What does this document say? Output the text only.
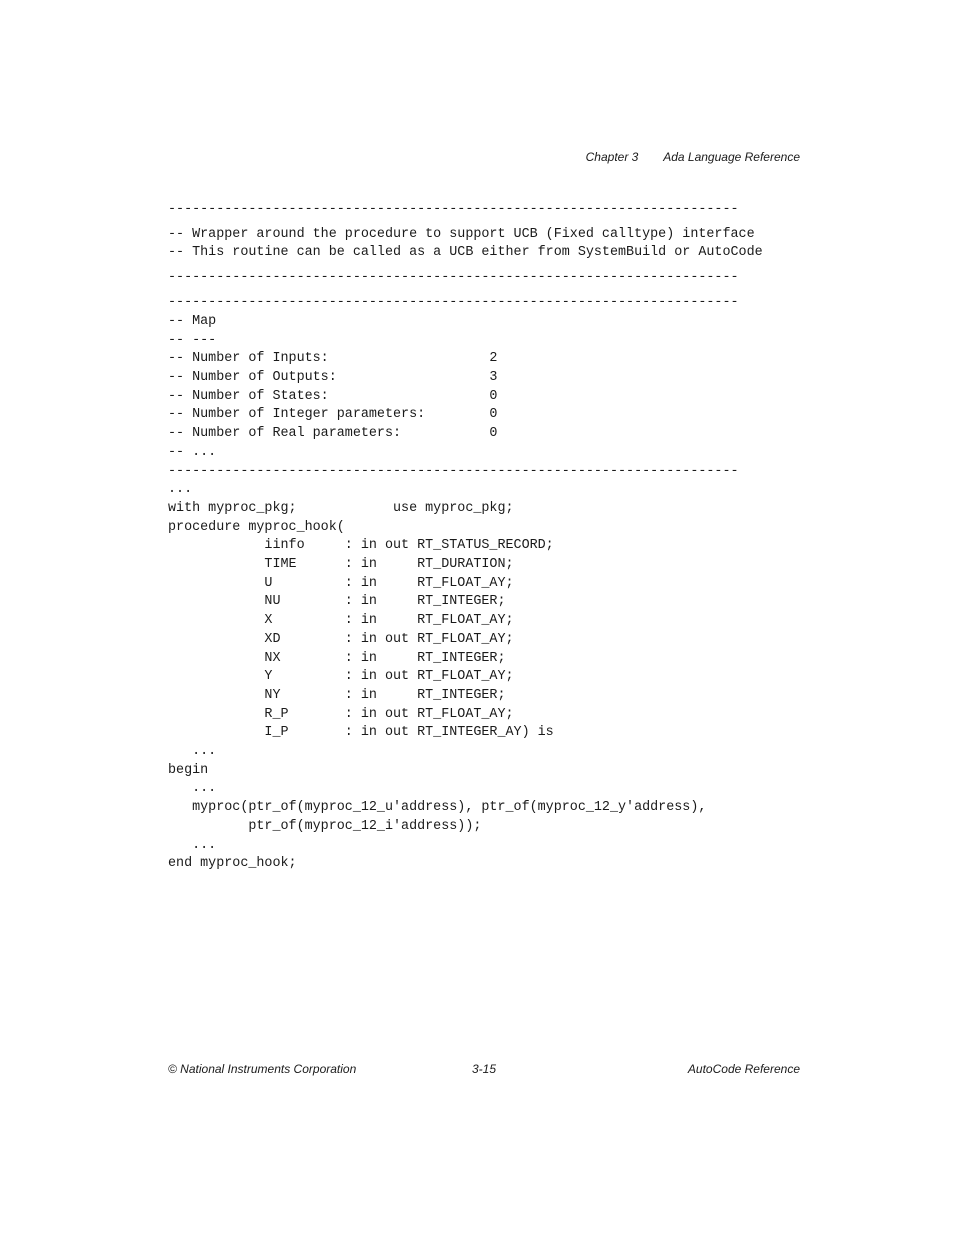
Chapter 3 Ada Language Reference

-----------------------------------------------------------------------

-- Wrapper around the procedure to support UCB (Fixed calltype) interface

-- This routine can be called as a UCB either from SystemBuild or AutoCode

-----------------------------------------------------------------------

-----------------------------------------------------------------------

-- Map

-- ---

-- Number of Inputs:                    2

-- Number of Outputs:                   3

-- Number of States:                    0

-- Number of Integer parameters:        0

-- Number of Real parameters:           0

-- ...

-----------------------------------------------------------------------

...

with myproc_pkg;            use myproc_pkg;

procedure myproc_hook(

iinfo     : in out RT_STATUS_RECORD;

TIME      : in     RT_DURATION;

U         : in     RT_FLOAT_AY;

NU        : in     RT_INTEGER;

X         : in     RT_FLOAT_AY;

XD        : in out RT_FLOAT_AY;

NX        : in     RT_INTEGER;

Y         : in out RT_FLOAT_AY;

NY        : in     RT_INTEGER;

R_P       : in out RT_FLOAT_AY;

I_P       : in out RT_INTEGER_AY) is

...

begin

...

myproc(ptr_of(myproc_12_u'address), ptr_of(myproc_12_y'address),

ptr_of(myproc_12_i'address));

...

end myproc_hook;

© National Instruments Corporation	3-15	AutoCode Reference
